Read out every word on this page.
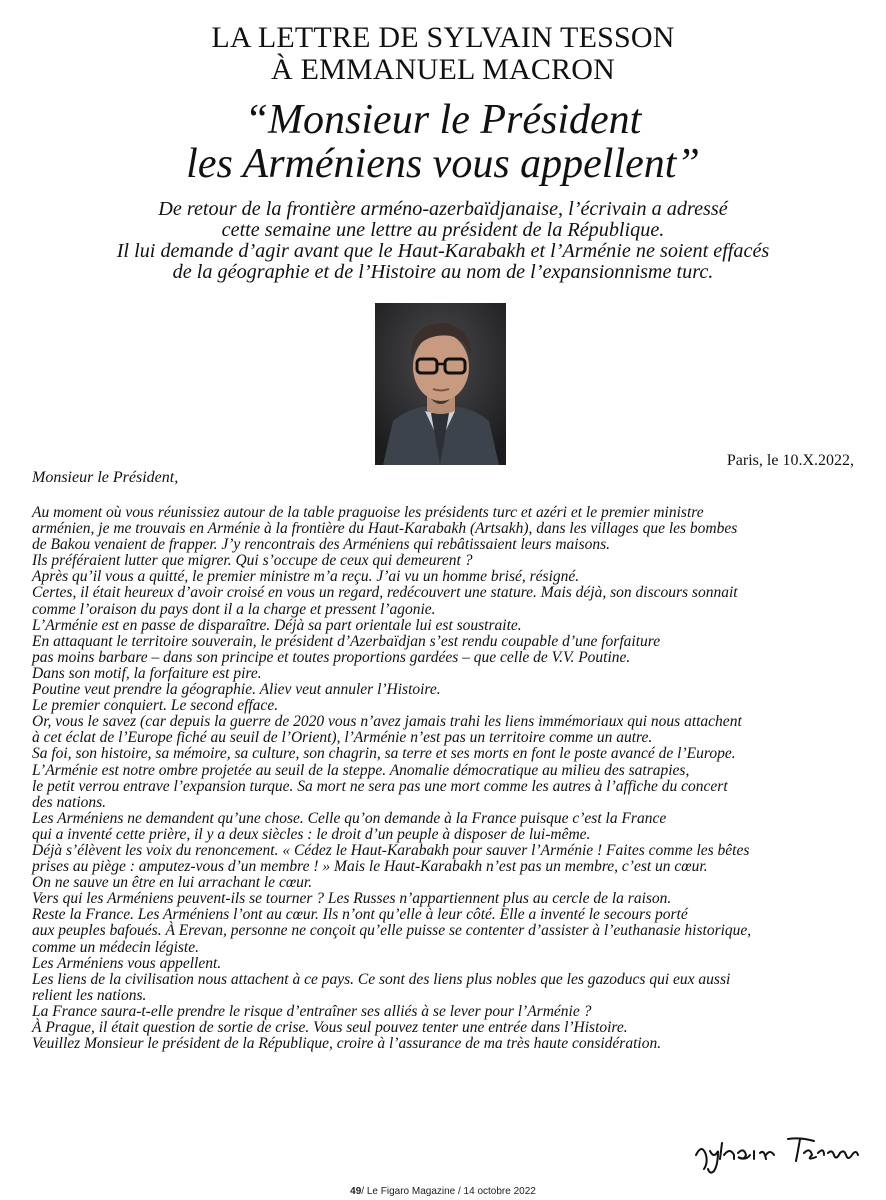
LA LETTRE DE SYLVAIN TESSON
À EMMANUEL MACRON
“Monsieur le Président
les Arméniens vous appellent”
De retour de la frontière arméno-azerbaïdjanaise, l’écrivain a adressé
cette semaine une lettre au président de la République.
Il lui demande d’agir avant que le Haut-Karabakh et l’Arménie ne soient effacés
de la géographie et de l’Histoire au nom de l’expansionnisme turc.
Paris, le 10.X.2022,
Monsieur le Président,
Au moment où vous réunissiez autour de la table praguoise les présidents turc et azéri et le premier ministre
arménien, je me trouvais en Arménie à la frontière du Haut-Karabakh (Artsakh), dans les villages que les bombes
de Bakou venaient de frapper. J’y rencontrais des Arméniens qui rebâtissaient leurs maisons.
Ils préféraient lutter que migrer. Qui s’occupe de ceux qui demeurent ?
Après qu’il vous a quitté, le premier ministre m’a reçu. J’ai vu un homme brisé, résigné.
Certes, il était heureux d’avoir croisé en vous un regard, redécouvert une stature. Mais déjà, son discours sonnait
comme l’oraison du pays dont il a la charge et pressent l’agonie.
L’Arménie est en passe de disparaître. Déjà sa part orientale lui est soustraite.
En attaquant le territoire souverain, le président d’Azerbaïdjan s’est rendu coupable d’une forfaiture
pas moins barbare – dans son principe et toutes proportions gardées – que celle de V.V. Poutine.
Dans son motif, la forfaiture est pire.
Poutine veut prendre la géographie. Aliev veut annuler l’Histoire.
Le premier conquiert. Le second efface.
Or, vous le savez (car depuis la guerre de 2020 vous n’avez jamais trahi les liens immémoriaux qui nous attachent
à cet éclat de l’Europe fiché au seuil de l’Orient), l’Arménie n’est pas un territoire comme un autre.
Sa foi, son histoire, sa mémoire, sa culture, son chagrin, sa terre et ses morts en font le poste avancé de l’Europe.
L’Arménie est notre ombre projetée au seuil de la steppe. Anomalie démocratique au milieu des satrapies,
le petit verrou entrave l’expansion turque. Sa mort ne sera pas une mort comme les autres à l’affiche du concert
des nations.
Les Arméniens ne demandent qu’une chose. Celle qu’on demande à la France puisque c’est la France
qui a inventé cette prière, il y a deux siècles : le droit d’un peuple à disposer de lui-même.
Déjà s’élèvent les voix du renoncement. « Cédez le Haut-Karabakh pour sauver l’Arménie ! Faites comme les bêtes
prises au piège : amputez-vous d’un membre ! » Mais le Haut-Karabakh n’est pas un membre, c’est un cœur.
On ne sauve un être en lui arrachant le cœur.
Vers qui les Arméniens peuvent-ils se tourner ? Les Russes n’appartiennent plus au cercle de la raison.
Reste la France. Les Arméniens l’ont au cœur. Ils n’ont qu’elle à leur côté. Elle a inventé le secours porté
aux peuples bafoués. À Erevan, personne ne conçoit qu’elle puisse se contenter d’assister à l’euthanasie historique,
comme un médecin légiste.
Les Arméniens vous appellent.
Les liens de la civilisation nous attachent à ce pays. Ce sont des liens plus nobles que les gazoducs qui eux aussi
relient les nations.
La France saura-t-elle prendre le risque d’entraîner ses alliés à se lever pour l’Arménie ?
À Prague, il était question de sortie de crise. Vous seul pouvez tenter une entrée dans l’Histoire.
Veuillez Monsieur le président de la République, croire à l’assurance de ma très haute considération.
49/ Le Figaro Magazine / 14 octobre 2022
